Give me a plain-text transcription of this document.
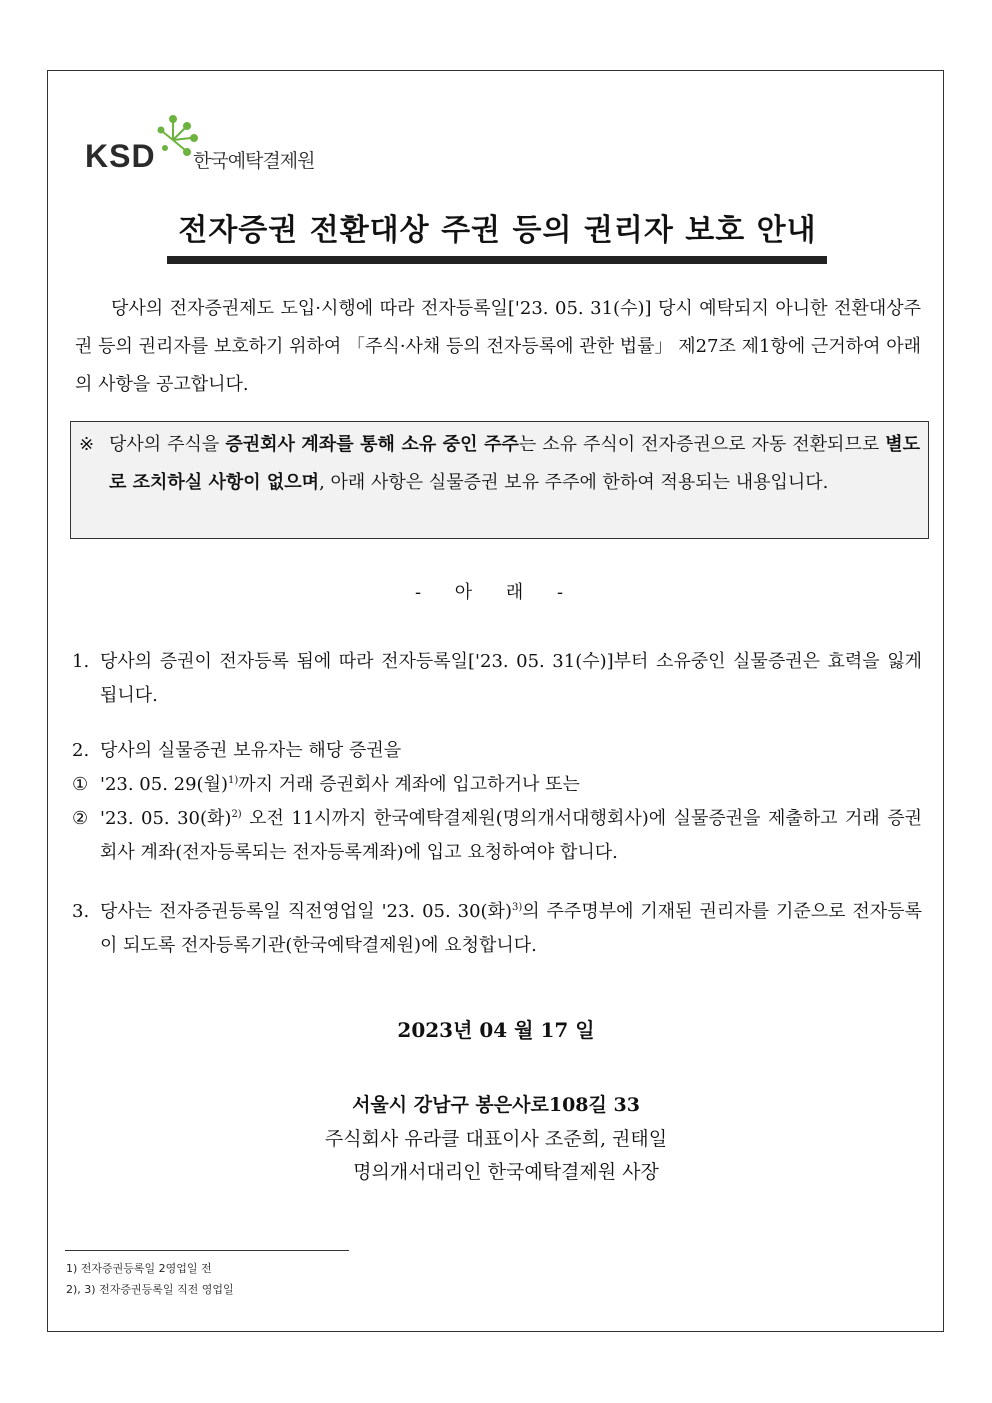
KSD 한국예탁결제원
전자증권 전환대상 주권 등의 권리자 보호 안내

당사의 전자증권제도 도입·시행에 따라 전자등록일['23. 05. 31(수)] 당시 예탁되지 아니한 전환대상주권 등의 권리자를 보호하기 위하여 「주식·사채 등의 전자등록에 관한 법률」 제27조 제1항에 근거하여 아래의 사항을 공고합니다.

※ 당사의 주식을 증권회사 계좌를 통해 소유 중인 주주는 소유 주식이 전자증권으로 자동 전환되므로 별도로 조치하실 사항이 없으며, 아래 사항은 실물증권 보유 주주에 한하여 적용되는 내용입니다.
- 아 래 -

1. 당사의 증권이 전자등록 됨에 따라 전자등록일['23. 05. 31(수)]부터 소유중인 실물증권은 효력을 잃게 됩니다.

2. 당사의 실물증권 보유자는 해당 증권을

① '23. 05. 29(월)$^{1)}$까지 거래 증권회사 계좌에 입고하거나 또는

② '23. 05. 30(화)$^{2)}$ 오전 11시까지 한국예탁결제원(명의개서대행회사)에 실물증권을 제출하고 거래 증권회사 계좌(전자등록되는 전자등록계좌)에 입고 요청하여야 합니다.

3. 당사는 전자증권등록일 직전영업일 '23. 05. 30(화)$^{3)}$의 주주명부에 기재된 권리자를 기준으로 전자등록이 되도록 전자등록기관(한국예탁결제원)에 요청합니다.

2023년 04 월 17 일
서울시 강남구 봉은사로108길 33
주식회사 유라클 대표이사 조준희, 권태일
명의개서대리인 한국예탁결제원 사장
1) 전자증권등록일 2영업일 전
2), 3) 전자증권등록일 직전 영업일
